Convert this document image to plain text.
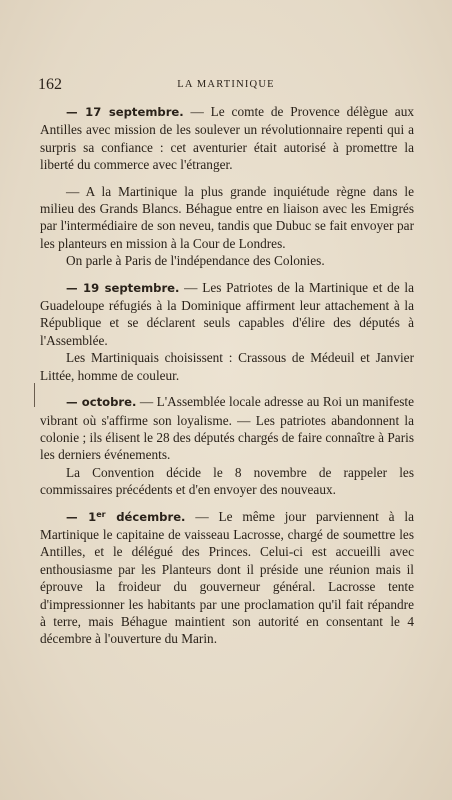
162	LA MARTINIQUE

— 17 septembre. — Le comte de Provence délègue aux Antilles avec mission de les soulever un révolutionnaire repenti qui a surpris sa confiance : cet aventurier était autorisé à promettre la liberté du commerce avec l'étranger.

— A la Martinique la plus grande inquiétude règne dans le milieu des Grands Blancs. Béhague entre en liaison avec les Emigrés par l'intermédiaire de son neveu, tandis que Dubuc se fait envoyer par les planteurs en mission à la Cour de Londres.

On parle à Paris de l'indépendance des Colonies.

— 19 septembre. — Les Patriotes de la Martinique et de la Guadeloupe réfugiés à la Dominique affirment leur attachement à la République et se déclarent seuls capables d'élire des députés à l'Assemblée.

Les Martiniquais choisissent : Crassous de Médeuil et Janvier Littée, homme de couleur.

— octobre. — L'Assemblée locale adresse au Roi un manifeste vibrant où s'affirme son loyalisme. — Les patriotes abandonnent la colonie ; ils élisent le 28 des députés chargés de faire connaître à Paris les derniers événements.

La Convention décide le 8 novembre de rappeler les commissaires précédents et d'en envoyer des nouveaux.

— 1er décembre. — Le même jour parviennent à la Martinique le capitaine de vaisseau Lacrosse, chargé de soumettre les Antilles, et le délégué des Princes. Celui-ci est accueilli avec enthousiasme par les Planteurs dont il préside une réunion mais il éprouve la froideur du gouverneur général. Lacrosse tente d'impressionner les habitants par une proclamation qu'il fait répandre à terre, mais Béhague maintient son autorité en consentant le 4 décembre à l'ouverture du Marin.
